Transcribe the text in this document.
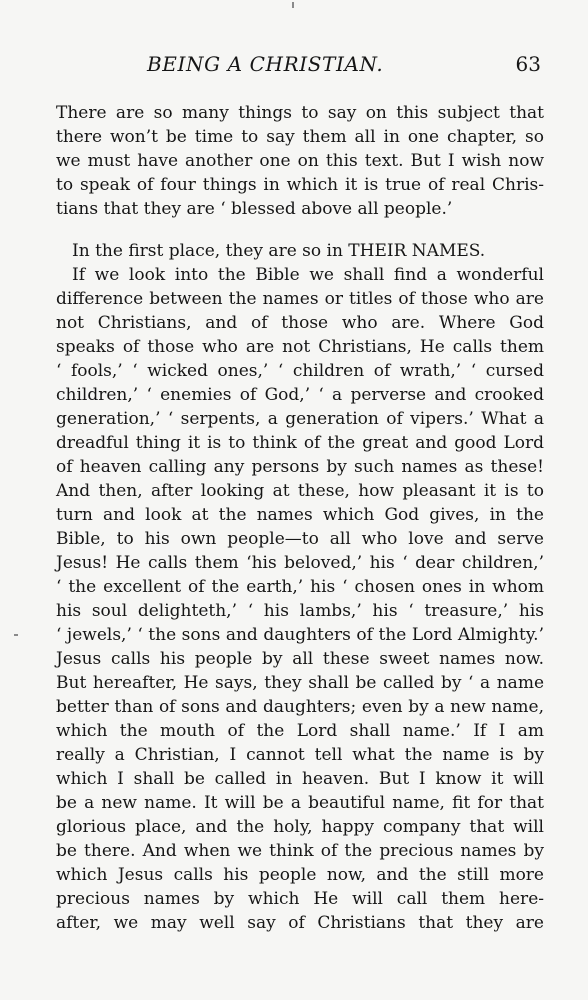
BEING A CHRISTIAN.	63
There are so many things to say on this subject that
there won’t be time to say them all in one chapter, so
we must have another one on this text. But I wish now
to speak of four things in which it is true of real Chris-
tians that they are ‘ blessed above all people.’
In the first place, they are so in THEIR NAMES.
If we look into the Bible we shall find a wonderful
difference between the names or titles of those who are
not Christians, and of those who are. Where God
speaks of those who are not Christians, He calls them
‘ fools,’ ‘ wicked ones,’ ‘ children of wrath,’ ‘ cursed
children,’ ‘ enemies of God,’ ‘ a perverse and crooked
generation,’ ‘ serpents, a generation of vipers.’ What a
dreadful thing it is to think of the great and good Lord
of heaven calling any persons by such names as these!
And then, after looking at these, how pleasant it is to
turn and look at the names which God gives, in the
Bible, to his own people—to all who love and serve
Jesus! He calls them ‘his beloved,’ his ‘ dear children,’
‘ the excellent of the earth,’ his ‘ chosen ones in whom
his soul delighteth,’ ‘ his lambs,’ his ‘ treasure,’ his
‘ jewels,’ ‘ the sons and daughters of the Lord Almighty.’
Jesus calls his people by all these sweet names now.
But hereafter, He says, they shall be called by ‘ a name
better than of sons and daughters; even by a new name,
which the mouth of the Lord shall name.’ If I am
really a Christian, I cannot tell what the name is by
which I shall be called in heaven. But I know it will
be a new name. It will be a beautiful name, fit for that
glorious place, and the holy, happy company that will
be there. And when we think of the precious names by
which Jesus calls his people now, and the still more
precious names by which He will call them here-
after, we may well say of Christians that they are
